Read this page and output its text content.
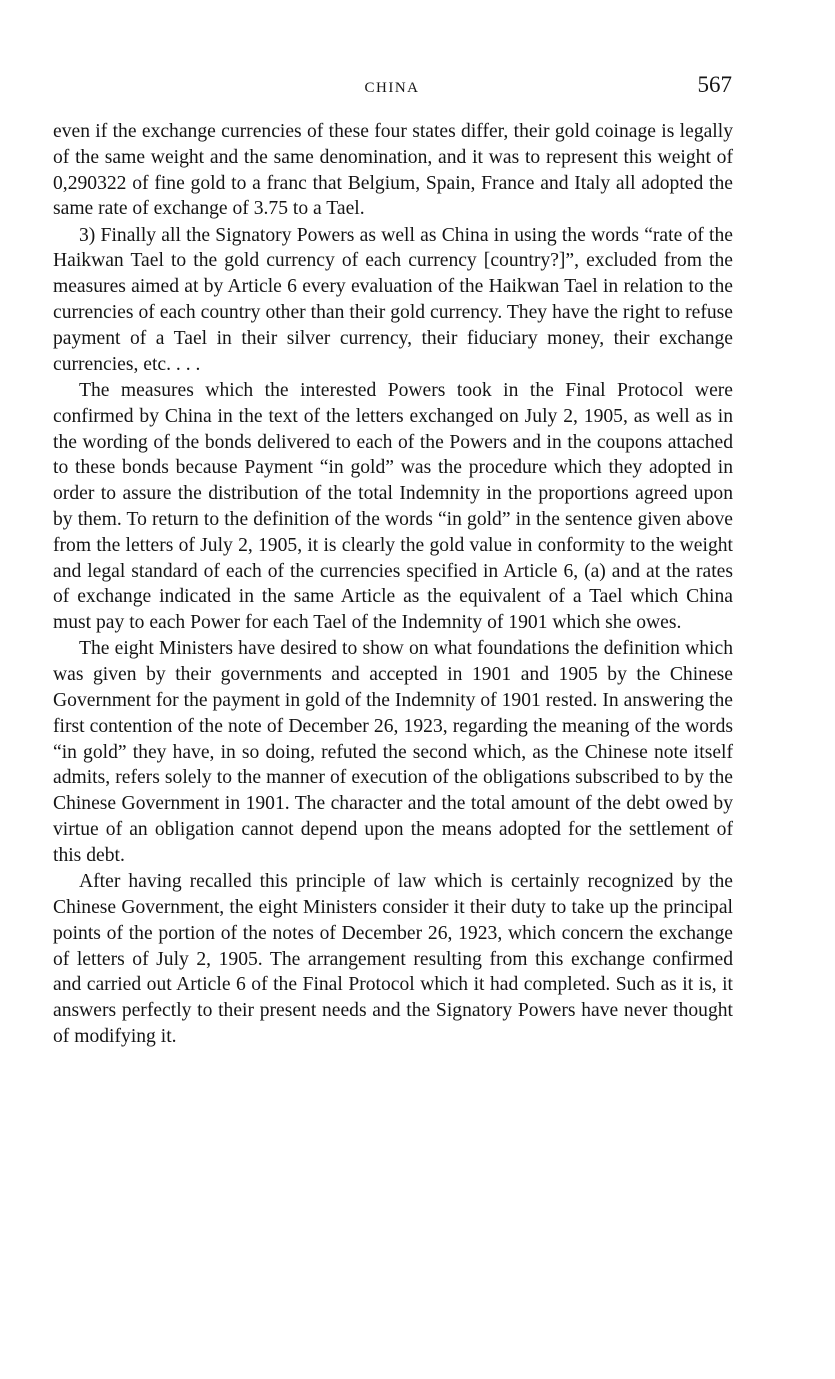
CHINA	567

even if the exchange currencies of these four states differ, their gold coinage is legally of the same weight and the same denomination, and it was to represent this weight of 0,290322 of fine gold to a franc that Belgium, Spain, France and Italy all adopted the same rate of exchange of 3.75 to a Tael.

3) Finally all the Signatory Powers as well as China in using the words “rate of the Haikwan Tael to the gold currency of each currency [country?]”, excluded from the measures aimed at by Article 6 every evaluation of the Haikwan Tael in relation to the currencies of each country other than their gold currency. They have the right to refuse payment of a Tael in their silver currency, their fiduciary money, their exchange currencies, etc. . . .

The measures which the interested Powers took in the Final Protocol were confirmed by China in the text of the letters exchanged on July 2, 1905, as well as in the wording of the bonds delivered to each of the Powers and in the coupons attached to these bonds because Payment “in gold” was the procedure which they adopted in order to assure the distribution of the total Indemnity in the proportions agreed upon by them. To return to the definition of the words “in gold” in the sentence given above from the letters of July 2, 1905, it is clearly the gold value in conformity to the weight and legal standard of each of the currencies specified in Article 6, (a) and at the rates of exchange indicated in the same Article as the equivalent of a Tael which China must pay to each Power for each Tael of the Indemnity of 1901 which she owes.

The eight Ministers have desired to show on what foundations the definition which was given by their governments and accepted in 1901 and 1905 by the Chinese Government for the payment in gold of the Indemnity of 1901 rested. In answering the first contention of the note of December 26, 1923, regarding the meaning of the words “in gold” they have, in so doing, refuted the second which, as the Chinese note itself admits, refers solely to the manner of execution of the obligations subscribed to by the Chinese Government in 1901. The character and the total amount of the debt owed by virtue of an obligation cannot depend upon the means adopted for the settlement of this debt.

After having recalled this principle of law which is certainly recognized by the Chinese Government, the eight Ministers consider it their duty to take up the principal points of the portion of the notes of December 26, 1923, which concern the exchange of letters of July 2, 1905. The arrangement resulting from this exchange confirmed and carried out Article 6 of the Final Protocol which it had completed. Such as it is, it answers perfectly to their present needs and the Signatory Powers have never thought of modifying it.
